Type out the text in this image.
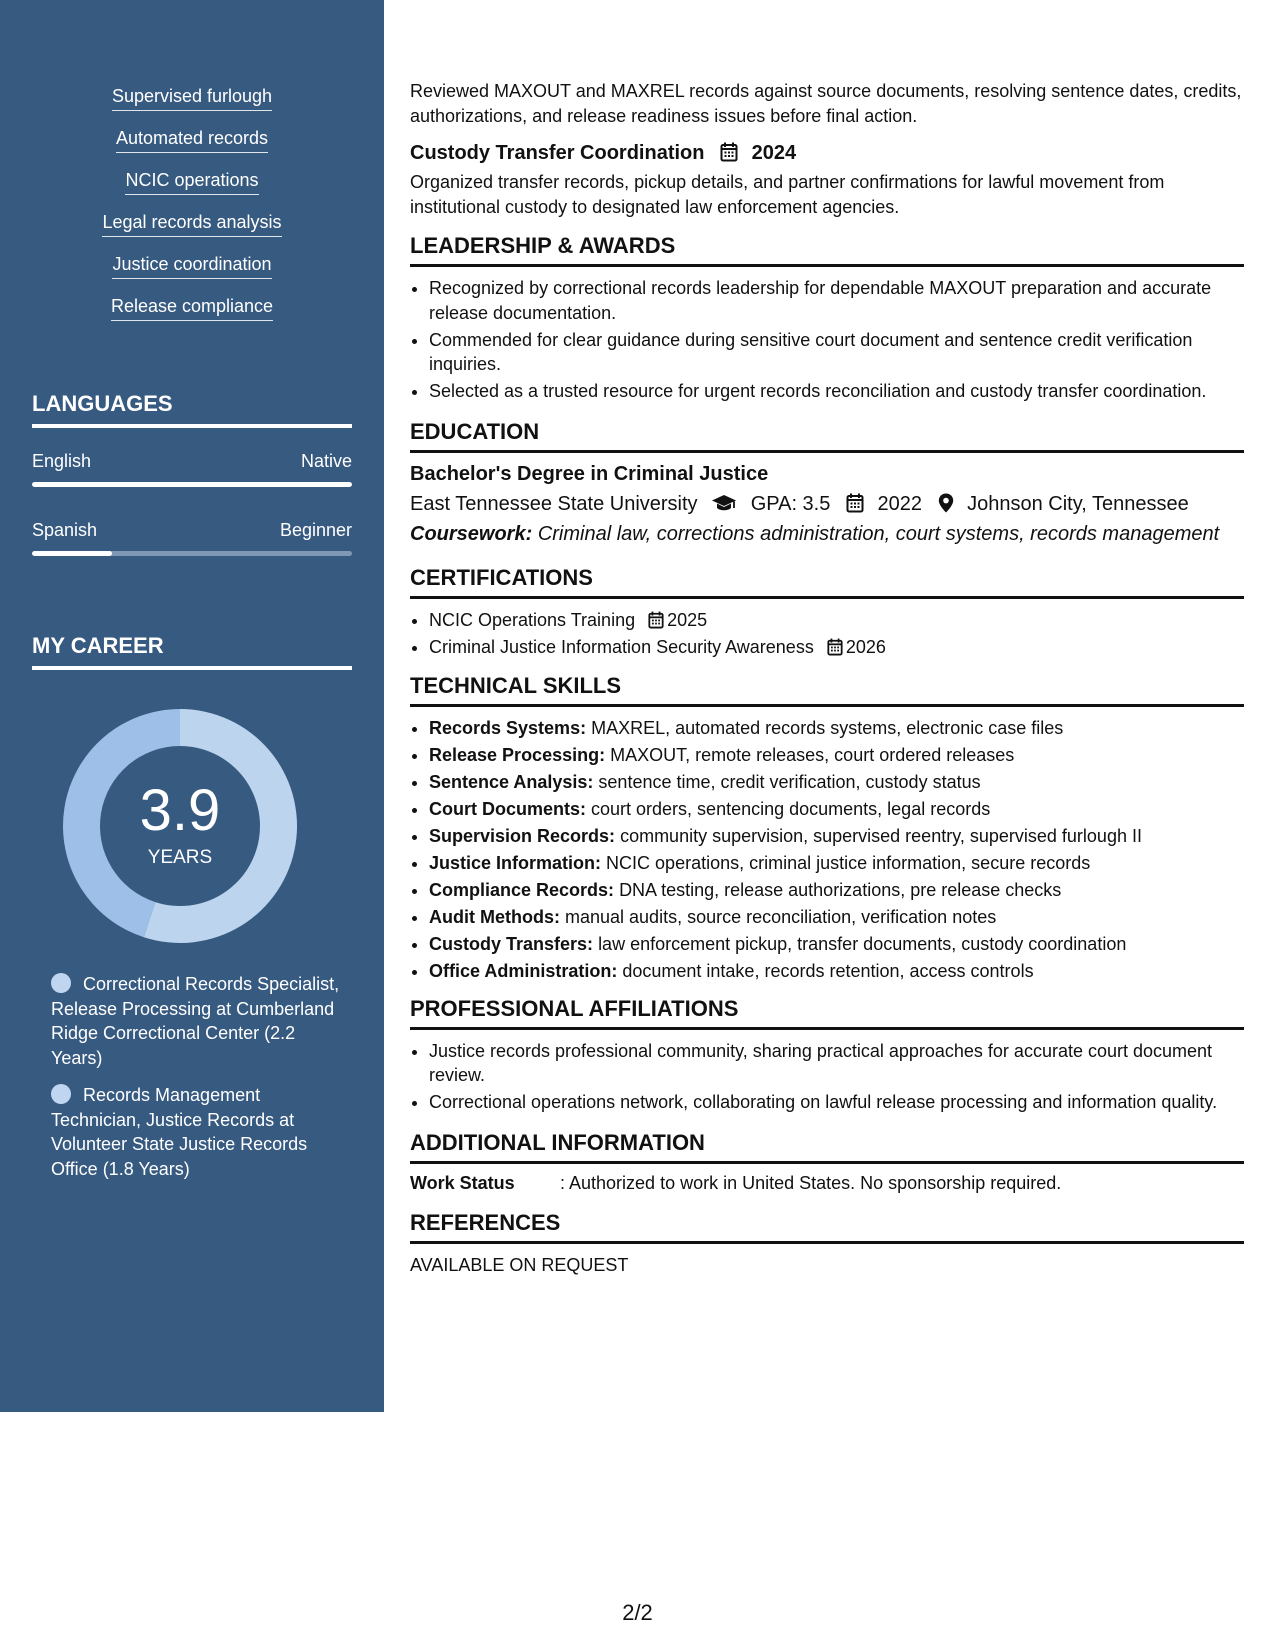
Supervised furlough
Automated records
NCIC operations
Legal records analysis
Justice coordination
Release compliance
LANGUAGES
English	Native
Spanish	Beginner
MY CAREER
3.9
YEARS
Correctional Records Specialist, Release Processing at Cumberland Ridge Correctional Center (2.2 Years)
Records Management Technician, Justice Records at Volunteer State Justice Records Office (1.8 Years)

Reviewed MAXOUT and MAXREL records against source documents, resolving sentence dates, credits, authorizations, and release readiness issues before final action.

Custody Transfer Coordination 2024

Organized transfer records, pickup details, and partner confirmations for lawful movement from institutional custody to designated law enforcement agencies.

LEADERSHIP & AWARDS
• Recognized by correctional records leadership for dependable MAXOUT preparation and accurate release documentation.
• Commended for clear guidance during sensitive court document and sentence credit verification inquiries.
• Selected as a trusted resource for urgent records reconciliation and custody transfer coordination.
EDUCATION
Bachelor's Degree in Criminal Justice
East Tennessee State University	GPA: 3.5 2022 Johnson City, Tennessee
Coursework: Criminal law, corrections administration, court systems, records management
CERTIFICATIONS
• NCIC Operations Training 2025
• Criminal Justice Information Security Awareness 2026
TECHNICAL SKILLS
• Records Systems: MAXREL, automated records systems, electronic case files
• Release Processing: MAXOUT, remote releases, court ordered releases
• Sentence Analysis: sentence time, credit verification, custody status
• Court Documents: court orders, sentencing documents, legal records
• Supervision Records: community supervision, supervised reentry, supervised furlough II
• Justice Information: NCIC operations, criminal justice information, secure records
• Compliance Records: DNA testing, release authorizations, pre release checks
• Audit Methods: manual audits, source reconciliation, verification notes
• Custody Transfers: law enforcement pickup, transfer documents, custody coordination
• Office Administration: document intake, records retention, access controls
PROFESSIONAL AFFILIATIONS
• Justice records professional community, sharing practical approaches for accurate court document review.
• Correctional operations network, collaborating on lawful release processing and information quality.
ADDITIONAL INFORMATION
Work Status	: Authorized to work in United States. No sponsorship required.
REFERENCES
AVAILABLE ON REQUEST
2/2
